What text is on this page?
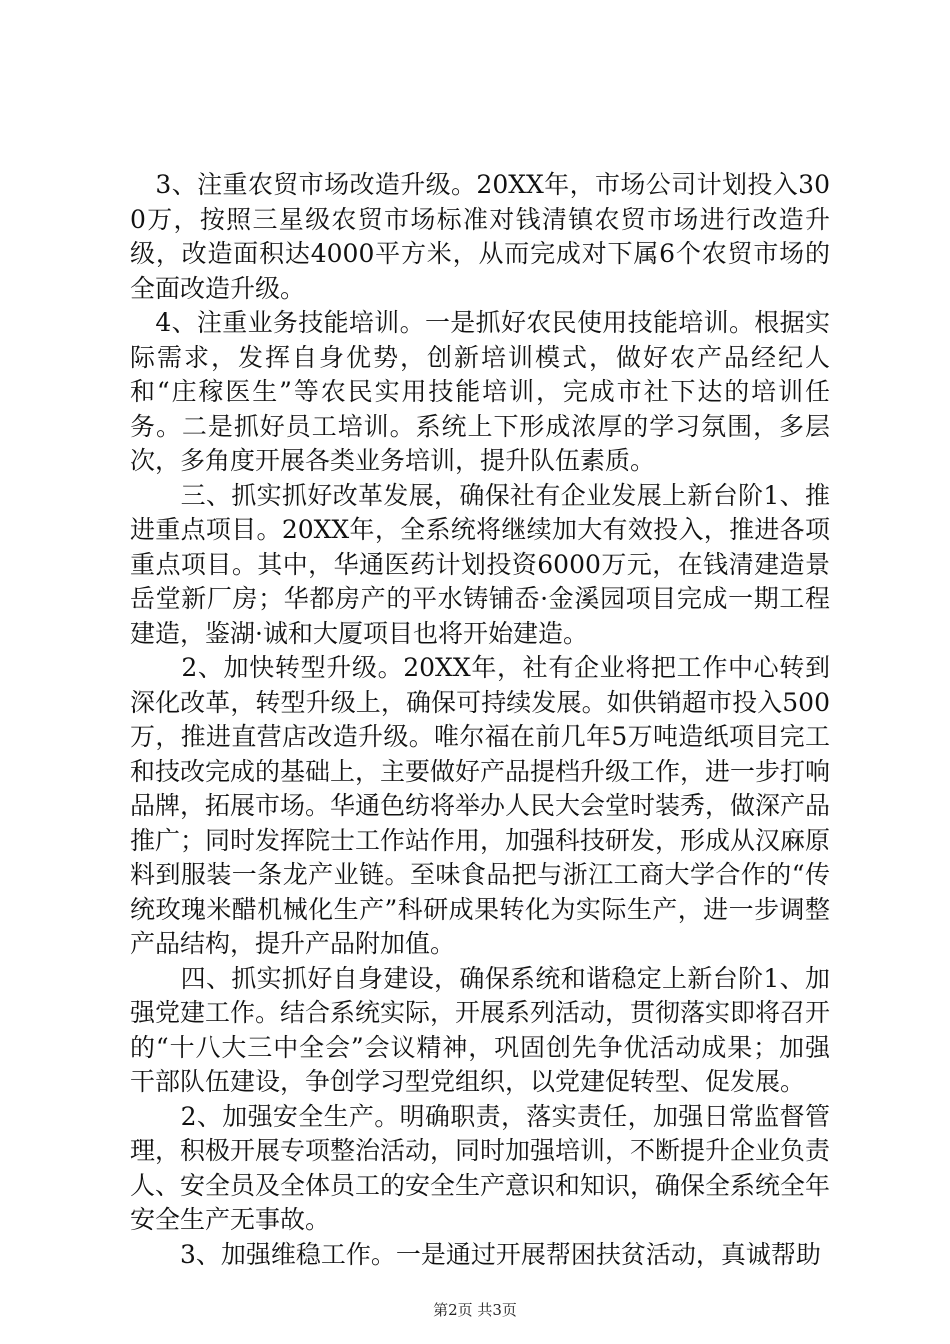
　3、注重农贸市场改造升级。20XX年，市场公司计划投入300万，按照三星级农贸市场标准对钱清镇农贸市场进行改造升级，改造面积达4000平方米，从而完成对下属6个农贸市场的全面改造升级。

　4、注重业务技能培训。一是抓好农民使用技能培训。根据实际需求，发挥自身优势，创新培训模式，做好农产品经纪人和“庄稼医生”等农民实用技能培训，完成市社下达的培训任务。二是抓好员工培训。系统上下形成浓厚的学习氛围，多层次，多角度开展各类业务培训，提升队伍素质。

　　三、抓实抓好改革发展，确保社有企业发展上新台阶1、推进重点项目。20XX年，全系统将继续加大有效投入，推进各项重点项目。其中，华通医药计划投资6000万元，在钱清建造景岳堂新厂房；华都房产的平水铸铺岙·金溪园项目完成一期工程建造，鉴湖·诚和大厦项目也将开始建造。

　　2、加快转型升级。20XX年，社有企业将把工作中心转到深化改革，转型升级上，确保可持续发展。如供销超市投入500万，推进直营店改造升级。唯尔福在前几年5万吨造纸项目完工和技改完成的基础上，主要做好产品提档升级工作，进一步打响品牌，拓展市场。华通色纺将举办人民大会堂时装秀，做深产品推广；同时发挥院士工作站作用，加强科技研发，形成从汉麻原料到服装一条龙产业链。至味食品把与浙江工商大学合作的“传统玫瑰米醋机械化生产”科研成果转化为实际生产，进一步调整产品结构，提升产品附加值。

　　四、抓实抓好自身建设，确保系统和谐稳定上新台阶1、加强党建工作。结合系统实际，开展系列活动，贯彻落实即将召开的“十八大三中全会”会议精神，巩固创先争优活动成果；加强干部队伍建设，争创学习型党组织，以党建促转型、促发展。

　　2、加强安全生产。明确职责，落实责任，加强日常监督管理，积极开展专项整治活动，同时加强培训，不断提升企业负责人、安全员及全体员工的安全生产意识和知识，确保全系统全年安全生产无事故。

　　3、加强维稳工作。一是通过开展帮困扶贫活动，真诚帮助

第2页 共3页
